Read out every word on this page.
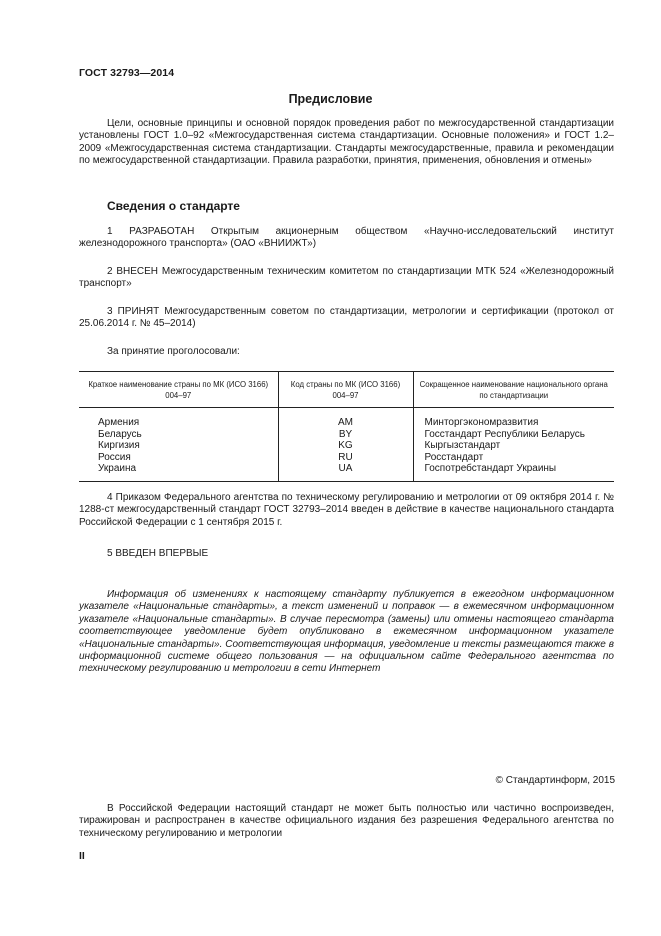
ГОСТ 32793—2014
Предисловие
Цели, основные принципы и основной порядок проведения работ по межгосударственной стандартизации установлены ГОСТ 1.0–92 «Межгосударственная система стандартизации. Основные положения» и ГОСТ 1.2–2009 «Межгосударственная система стандартизации. Стандарты межгосударственные, правила и рекомендации по межгосударственной стандартизации. Правила разработки, принятия, применения, обновления и отмены»
Сведения о стандарте
1 РАЗРАБОТАН Открытым акционерным обществом «Научно-исследовательский институт железнодорожного транспорта» (ОАО «ВНИИЖТ»)
2 ВНЕСЕН Межгосударственным техническим комитетом по стандартизации МТК 524 «Железнодорожный транспорт»
3 ПРИНЯТ Межгосударственным советом по стандартизации, метрологии и сертификации (протокол от 25.06.2014 г. № 45–2014)
За принятие проголосовали:
Краткое наименование страны по МК (ИСО 3166) 004–97	Код страны по МК (ИСО 3166) 004–97	Сокращенное наименование национального органа по стандартизации
Армения	AM	Минторгэкономразвития
Беларусь	BY	Госстандарт Республики Беларусь
Киргизия	KG	Кыргызстандарт
Россия	RU	Росстандарт
Украина	UA	Госпотребстандарт Украины
4 Приказом Федерального агентства по техническому регулированию и метрологии от 09 октября 2014 г. № 1288-ст межгосударственный стандарт ГОСТ 32793–2014 введен в действие в качестве национального стандарта Российской Федерации с 1 сентября 2015 г.
5 ВВЕДЕН ВПЕРВЫЕ
Информация об изменениях к настоящему стандарту публикуется в ежегодном информационном указателе «Национальные стандарты», а текст изменений и поправок — в ежемесячном информационном указателе «Национальные стандарты». В случае пересмотра (замены) или отмены настоящего стандарта соответствующее уведомление будет опубликовано в ежемесячном информационном указателе «Национальные стандарты». Соответствующая информация, уведомление и тексты размещаются также в информационной системе общего пользования — на официальном сайте Федерального агентства по техническому регулированию и метрологии в сети Интернет
© Стандартинформ, 2015
В Российской Федерации настоящий стандарт не может быть полностью или частично воспроизведен, тиражирован и распространен в качестве официального издания без разрешения Федерального агентства по техническому регулированию и метрологии
II
